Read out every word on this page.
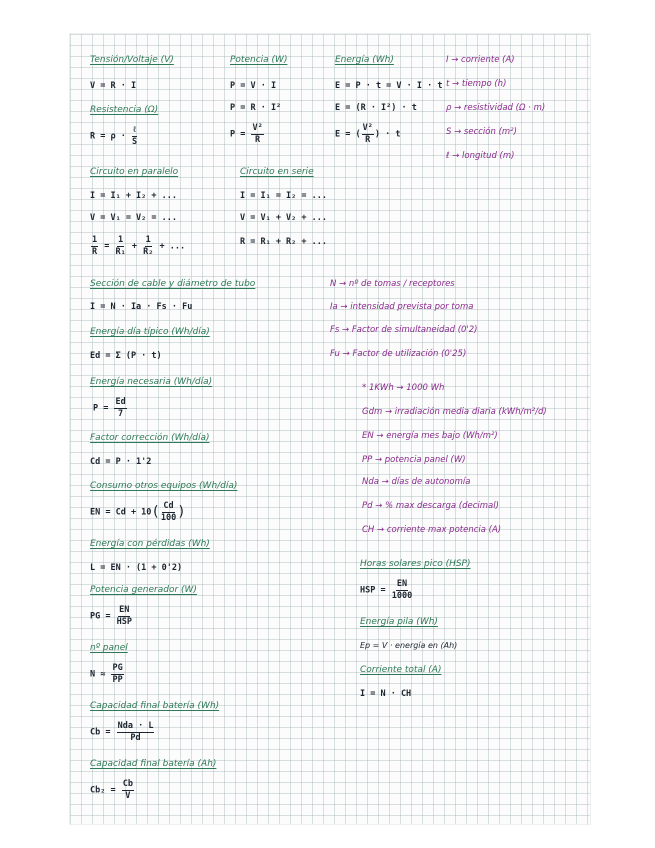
Tensión/Voltaje (V)
V = R · I
Resistencia (Ω)
R = ρ ·
ℓ
S
Potencia (W)
P = V · I
P = R · I²
$P = \frac{\text{V²}}{R}$
Energía (Wh)
E = P · t = V · I · t
E = (R · I²) · t
E = ( $\frac{\text{V²}}{R}$ ) · t
I → corriente (A)
t → tiempo (h)
ρ → resistividad (Ω · m)
S → sección (m²)
ℓ → longitud (m)
Circuito en paralelo
I = I₁ + I₂ + ...
V = V₁ = V₂ = ...
$\frac{1}{R} = \frac{1}{\text{R₁}} + \frac{1}{\text{R₂}}$ + ...
Circuito en serie
I = I₁ = I₂ = ...
V = V₁ + V₂ + ...
R = R₁ + R₂ + ...
Sección de cable y diámetro de tubo
I = N · Ia · Fs · Fu
Energía día típico (Wh/día)
Ed = Σ (P · t)
Energía necesaria (Wh/día)
$P = \frac{Ed}{7}$
Factor corrección (Wh/día)
Cd = P · 1'2
Consumo otros equipos (Wh/día)
EN = $Cd + 10( \frac{Cd}{100}$ )
Energía con pérdidas (Wh)
L = EN · (1 + 0'2)
Potencia generador (W)
PG =
EN
HSP
nº panel
$N \approx \frac{PG}{PP}$
Capacidad final batería (Wh)
Cb =
Nda · L
Pd
Capacidad final batería (Ah)
$Cb_2 = \frac{Cb}{V}$
N → nº de tomas / receptores
Ia → intensidad prevista por toma
Fs → Factor de simultaneidad (0'2)
Fu → Factor de utilización (0'25)
* 1KWh → 1000 Wh
Gdm → irradiación media diaria (kWh/m²/d)
EN → energía mes bajo (Wh/m²)
PP → potencia panel (W)
Nda → días de autonomía
Pd → % max descarga (decimal)
CH → corriente max potencia (A)
Horas solares pico (HSP)
HSP = $\frac{EN}{1000}$
Energía pila (Wh)
Ep = V · energía en (Ah)
Corriente total (A)
I = N · CH
